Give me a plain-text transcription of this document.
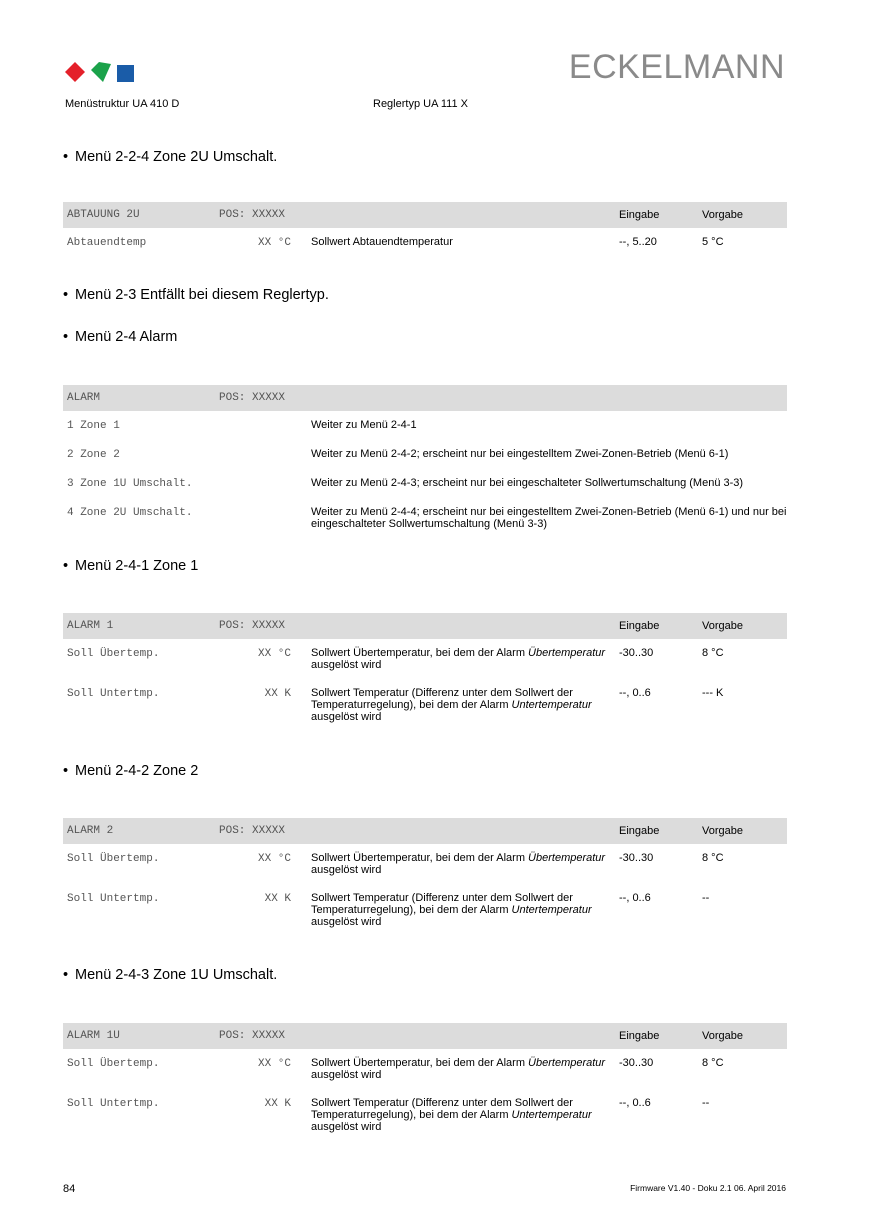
ECKELMANN
Menüstruktur UA 410 D	Reglertyp UA 111 X
• Menü 2-2-4 Zone 2U Umschalt.
ABTAUUNG 2U	POS: XXXXX		Eingabe	Vorgabe
Abtauendtemp	XX °C	Sollwert Abtauendtemperatur	--, 5..20	5 °C
• Menü 2-3 Entfällt bei diesem Reglertyp.
• Menü 2-4 Alarm
ALARM	POS: XXXXX	
1 Zone 1		Weiter zu Menü 2-4-1
2 Zone 2		Weiter zu Menü 2-4-2; erscheint nur bei eingestelltem Zwei-Zonen-Betrieb (Menü 6-1)
3 Zone 1U Umschalt.		Weiter zu Menü 2-4-3; erscheint nur bei eingeschalteter Sollwertumschaltung (Menü 3-3)
4 Zone 2U Umschalt.		Weiter zu Menü 2-4-4; erscheint nur bei eingestelltem Zwei-Zonen-Betrieb (Menü 6-1) und nur bei eingeschalteter Sollwertumschaltung (Menü 3-3)
• Menü 2-4-1 Zone 1
ALARM 1	POS: XXXXX		Eingabe	Vorgabe
Soll Übertemp.	XX °C	Sollwert Übertemperatur, bei dem der Alarm Übertemperatur ausgelöst wird	-30..30	8 °C
Soll Untertmp.	XX K	Sollwert Temperatur (Differenz unter dem Sollwert der Temperaturregelung), bei dem der Alarm Untertemperatur ausgelöst wird	--, 0..6	--- K
• Menü 2-4-2 Zone 2
ALARM 2	POS: XXXXX		Eingabe	Vorgabe
Soll Übertemp.	XX °C	Sollwert Übertemperatur, bei dem der Alarm Übertemperatur ausgelöst wird	-30..30	8 °C
Soll Untertmp.	XX K	Sollwert Temperatur (Differenz unter dem Sollwert der Temperaturregelung), bei dem der Alarm Untertemperatur ausgelöst wird	--, 0..6	--
• Menü 2-4-3 Zone 1U Umschalt.
ALARM 1U	POS: XXXXX		Eingabe	Vorgabe
Soll Übertemp.	XX °C	Sollwert Übertemperatur, bei dem der Alarm Übertemperatur ausgelöst wird	-30..30	8 °C
Soll Untertmp.	XX K	Sollwert Temperatur (Differenz unter dem Sollwert der Temperaturregelung), bei dem der Alarm Untertemperatur ausgelöst wird	--, 0..6	--
84	Firmware V1.40 - Doku 2.1 06. April 2016
